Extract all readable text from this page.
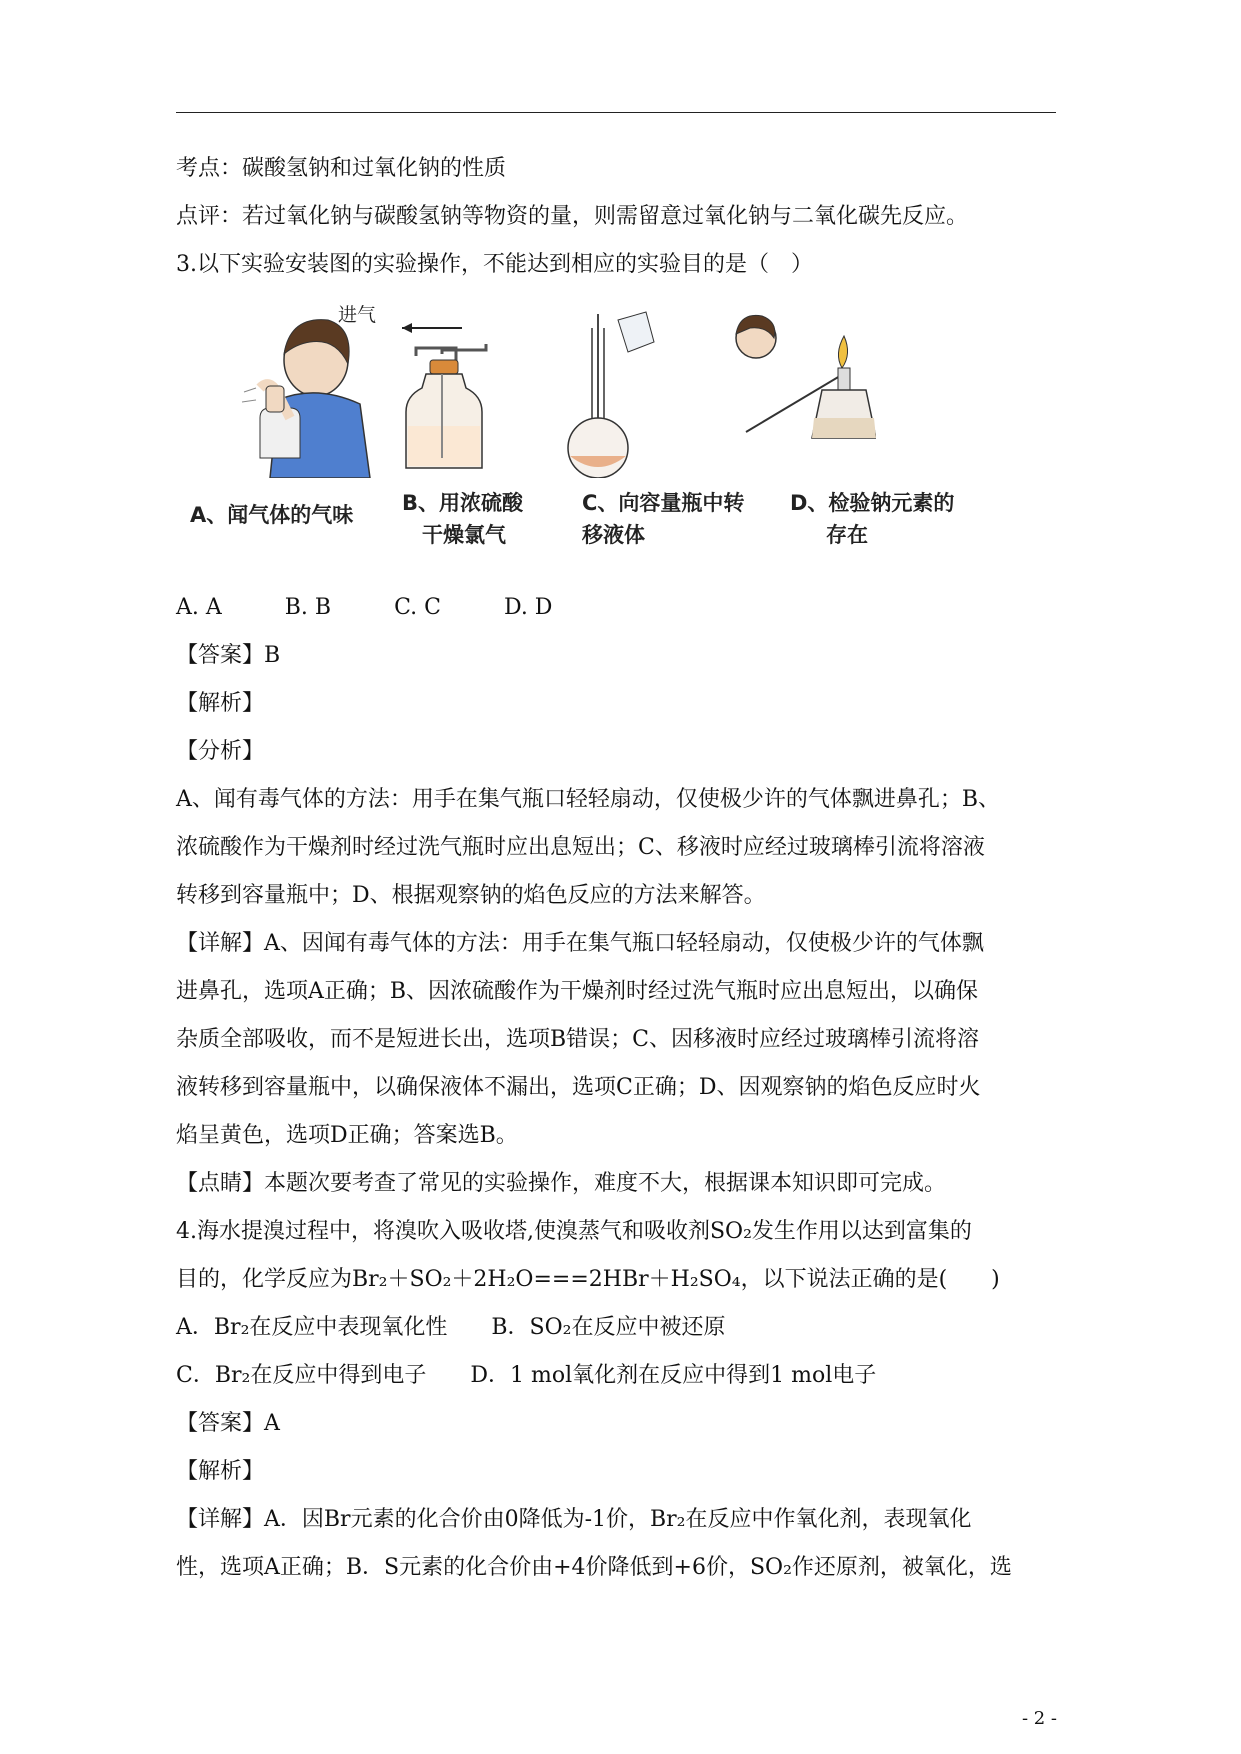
考点：碳酸氢钠和过氧化钠的性质
点评：若过氧化钠与碳酸氢钠等物资的量，则需留意过氧化钠与二氧化碳先反应。
3.以下实验安装图的实验操作，不能达到相应的实验目的是（　）
进气
A、闻气体的气味 B、用浓硫酸
干燥氯气
C、向容量瓶中转
移液体
D、检验钠元素的
存在
A. A	B. B	C. C	D. D
【答案】B
【解析】
【分析】
A、闻有毒气体的方法：用手在集气瓶口轻轻扇动，仅使极少许的气体飘进鼻孔；B、
浓硫酸作为干燥剂时经过洗气瓶时应出息短出；C、移液时应经过玻璃棒引流将溶液
转移到容量瓶中；D、根据观察钠的焰色反应的方法来解答。
【详解】A、因闻有毒气体的方法：用手在集气瓶口轻轻扇动，仅使极少许的气体飘
进鼻孔，选项A正确；B、因浓硫酸作为干燥剂时经过洗气瓶时应出息短出，以确保
杂质全部吸收，而不是短进长出，选项B错误；C、因移液时应经过玻璃棒引流将溶
液转移到容量瓶中，以确保液体不漏出，选项C正确；D、因观察钠的焰色反应时火
焰呈黄色，选项D正确；答案选B。
【点睛】本题次要考查了常见的实验操作，难度不大，根据课本知识即可完成。
4.海水提溴过程中，将溴吹入吸收塔,使溴蒸气和吸收剂SO₂发生作用以达到富集的
目的，化学反应为Br₂＋SO₂＋2H₂O===2HBr＋H₂SO₄，以下说法正确的是(　　)
A．Br₂在反应中表现氧化性　　B．SO₂在反应中被还原
C．Br₂在反应中得到电子　　D．1 mol氧化剂在反应中得到1 mol电子
【答案】A
【解析】
【详解】A．因Br元素的化合价由0降低为-1价，Br₂在反应中作氧化剂，表现氧化
性，选项A正确；B．S元素的化合价由+4价降低到+6价，SO₂作还原剂，被氧化，选
- 2 -
